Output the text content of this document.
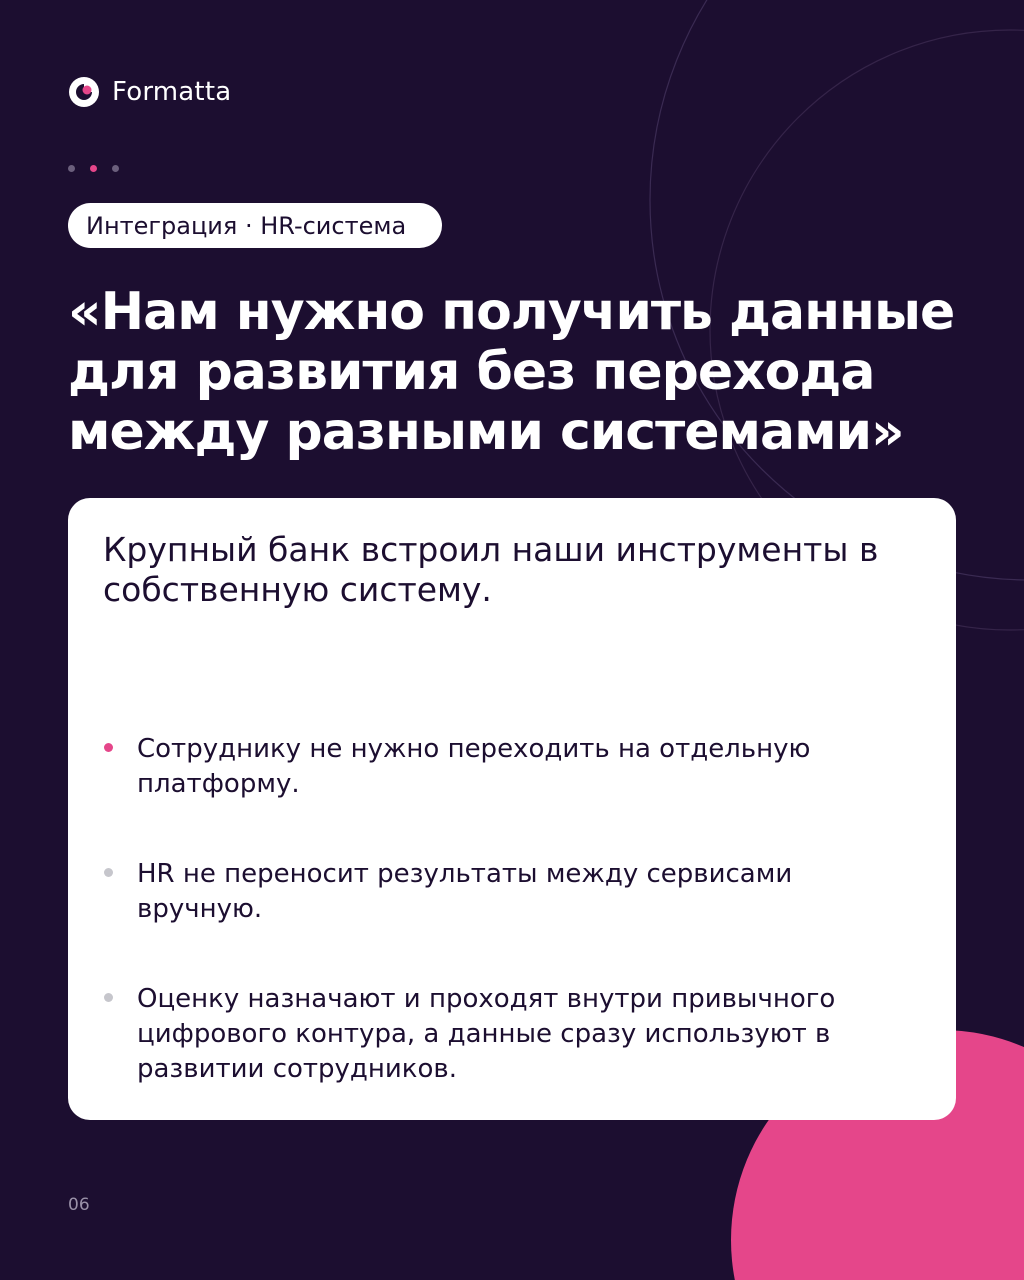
Formatta
Интеграция · HR-система
«Нам нужно получить данные
для развития без перехода
между разными системами»

Крупный банк встроил наши инструменты в собственную систему.

Сотруднику не нужно переходить на отдельную платформу.
HR не переносит результаты между сервисами вручную.
Оценку назначают и проходят внутри привычного цифрового контура, а данные сразу используют в развитии сотрудников.
06
